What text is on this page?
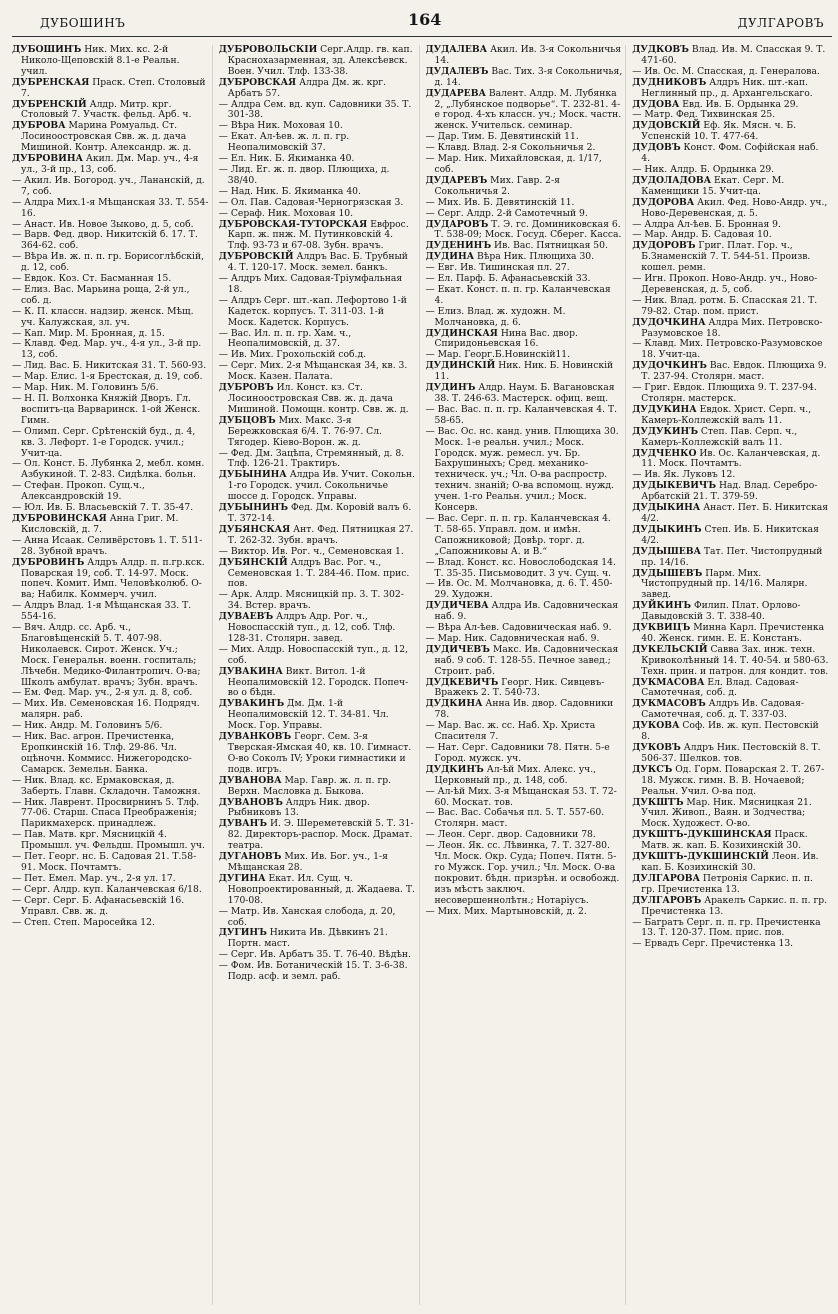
ДУБОШИНЪ	164	ДУЛГАРОВЪ

ДУБОШИНЪ Ник. Мих. кс. 2-й Николо-Щеповскій 8.1-е Реальн. учил.

ДУБРЕНСКАЯ Праск. Степ. Столовый 7.

ДУБРЕНСКІЙ Алдр. Митр. крг. Столовый 7. Участк. фельд. Арб. ч.

ДУБРОВА Марина Ромуальд. Ст. Лосиноостровская Свв. ж. д. дача Мишиной. Контр. Александр. ж. д.

ДУБРОВИНА Акил. Дм. Мар. уч., 4-я ул., 3-й пр., 13, соб.

— Акил. Ив. Богород. уч., Лананскій, д. 7, соб.

— Алдра Мих.1-я Мѣщанская 33. Т. 554-16.

— Анаст. Ив. Новое Зыково, д. 5, соб.

— Варв. Фед. двор. Никитскій б. 17. Т. 364-62. соб.

— Вѣра Ив. ж. п. п. гр. Борисоглѣбскій, д. 12, соб.

— Евдок. Коз. Ст. Басманная 15.

— Елиз. Вас. Марьина роща, 2-й ул., соб. д.

— К. П. классн. надзир. женск. Мѣщ. уч. Калужская, зл. уч.

— Кап. Мир. М. Бронная, д. 15.

— Клавд. Фед. Мар. уч., 4-я ул., 3-й пр. 13, соб.

— Лид. Вас. Б. Никитская 31. Т. 560-93.

— Мар. Елис. 1-я Брестская, д. 19, соб.

— Мар. Ник. М. Головинъ 5/6.

— Н. П. Волхонка Княжій Дворъ. Гл. воспитъ-ца Варваринск. 1-ой Женск. Гимн.

— Олимп. Серг. Срѣтенскій буд., д. 4, кв. 3. Лефорт. 1-е Городск. учил.; Учит-ца.

— Ол. Конст. Б. Лубянка 2, мебл. комн. Азбукиной. Т. 2-83. Сидѣлка. больн.

— Стефан. Прокоп. Сущ.ч., Александровскій 19.

— Юл. Ив. Б. Власьевскій 7. Т. 35-47.

ДУБРОВИНСКАЯ Анна Григ. М. Кисловскій, д. 7.

— Анна Исаак. Селивёрстовъ 1. Т. 511-28. Зубной врачъ.

ДУБРОВИНЪ Алдръ Алдр. п. п.гр.кск. Поварская 19, соб. Т. 14-97. Моск. попеч. Комит. Имп. Человѣколюб. О-ва; Набилк. Коммерч. учил.

— Алдръ Влад. 1-я Мѣщанская 33. Т. 554-16.

— Вяч. Алдр. сс. Арб. ч., Благовѣщенскій 5. Т. 407-98. Николаевск. Сирот. Женск. Уч.; Моск. Генеральн. военн. госпиталь; Лѣчебн. Медико-Филантропич. О-ва; Школъ амбулат. врачъ; Зубн. врачъ.

— Ем. Фед. Мар. уч., 2-я ул. д. 8, соб.

— Мих. Ив. Семеновская 16. Подрядч. малярн. раб.

— Ник. Андр. М. Головинъ 5/6.

— Ник. Вас. агрон. Пречистенка, Еропкинскій 16. Тлф. 29-86. Чл. оцѣночн. Коммисс. Нижегородско-Самарск. Земельн. Банка.

— Ник. Влад. кс. Ермаковская, д. Заберть. Главн. Складочн. Таможня.

— Ник. Лаврент. Просвирнинъ 5. Тлф. 77-06. Старш. Спаса Преображенія; Парикмахерск. принадлеж.

— Пав. Матв. крг. Мясницкій 4. Промышл. уч. Фельдш. Промышл. уч.

— Пет. Георг. нс. Б. Садовая 21. Т.58-91. Моск. Почтамтъ.

— Пет. Емел. Мар. уч., 2-я ул. 17.

— Серг. Алдр. куп. Каланчевская 6/18.

— Серг. Серг. Б. Афанасьевскій 16. Управл. Свв. ж. д.

— Степ. Степ. Маросейка 12.

ДУБРОВОЛЬСКІЙ Серг.Алдр. гв. кап. Краснохазарменная, зд. Алексѣевск. Воен. Учил. Тлф. 133-38.

ДУБРОВСКАЯ Алдра Дм. ж. крг. Арбатъ 57.

— Алдра Сем. вд. куп. Садовники 35. Т. 301-38.

— Вѣра Ник. Моховая 10.

— Екат. Ал-ѣев. ж. л. п. гр. Неопалимовскій 37.

— Ел. Ник. Б. Якиманка 40.

— Лид. Ег. ж. п. двор. Плющиха, д. 38/40.

— Над. Ник. Б. Якиманка 40.

— Ол. Пав. Садовая-Черногрязская 3.

— Сераф. Ник. Моховая 10.

ДУБРОВСКАЯ-ТУТОРСКАЯ Евфрос. Карп. ж. пнж. М. Путинковскій 4. Тлф. 93-73 и 67-08. Зубн. врачъ.

ДУБРОВСКІЙ Алдръ Вас. Б. Трубный 4. Т. 120-17. Моск. земел. банкъ.

— Алдръ Мих. Садовая-Тріумфальная 18.

— Алдръ Серг. шт.-кап. Лефортово 1-й Кадетск. корпусъ. Т. 311-03. 1-й Моск. Кадетск. Корпусъ.

— Вас. Ил. п. п. гр. Хам. ч., Неопалимовскій, д. 37.

— Ив. Мих. Грохольскій соб.д.

— Серг. Мих. 2-я Мѣщанская 34, кв. 3. Моск. Казен. Палата.

ДУБРОВЪ Ил. Конст. кз. Ст. Лосиноостровская Свв. ж. д. дача Мишиной. Помощн. контр. Свв. ж. д.

ДУБЦОВЪ Мих. Макс. 3-я Бережковская 6/4. Т. 76-97. Сл. Тягодер. Кіево-Ворон. ж. д.

— Фед. Дм. Зацѣпа, Стремянный, д. 8. Тлф. 126-21. Трактиръ.

ДУБЫНИНА Алдра Ив. Учит. Сокольн. 1-го Городск. учил. Сокольничье шоссе д. Городск. Управы.

ДУБЫНИНЪ Фед. Дм. Коровій валъ 6. Т. 372-14.

ДУБЯНСКАЯ Ант. Фед. Пятницкая 27. Т. 262-32. Зубн. врачъ.

— Виктор. Ив. Рог. ч., Семеновская 1.

ДУБЯНСКІЙ Алдръ Вас. Рог. ч., Семеновская 1. Т. 284-46. Пом. прис. пов.

— Арк. Алдр. Мясницкій пр. 3. Т. 302-34. Встер. врачъ.

ДУВАЕВЪ Алдръ Адр. Рог. ч., Новоспасскій туп., д. 12, соб. Тлф. 128-31. Столярн. завед.

— Мих. Алдр. Новоспасскій туп., д. 12, соб.

ДУВАКИНА Викт. Витол. 1-й Неопалимовскій 12. Городск. Попеч-во о бѣдн.

ДУВАКИНЪ Дм. Дм. 1-й Неопалимовскій 12. Т. 34-81. Чл. Моск. Гор. Управы.

ДУВАНКОВЪ Георг. Сем. 3-я Тверская-Ямская 40, кв. 10. Гимнаст. О-во Соколъ IV; Уроки гимнастики и подв. игръ.

ДУВАНОВА Мар. Гавр. ж. л. п. гр. Верхн. Масловка д. Быкова.

ДУВАНОВЪ Алдръ Ник. двор. Рыбниковъ 13.

ДУВАНЪ И. Э. Шереметевскій 5. Т. 31-82. Директоръ-распор. Моск. Драмат. театра.

ДУГАНОВЪ Мих. Ив. Бог. уч., 1-я Мѣщанская 28.

ДУГИНА Екат. Ил. Сущ. ч. Новопроектированный, д. Жадаева. Т. 170-08.

— Матр. Ив. Ханская слобода, д. 20, соб.

ДУГИНЪ Никита Ив. Дѣвкинъ 21. Портн. маст.

— Серг. Ив. Арбатъ 35. Т. 76-40. Вѣдѣн.

— Фом. Ив. Ботаническій 15. Т. 3-6-38. Подр. асф. и земл. раб.

ДУДАЛЕВА Акил. Ив. 3-я Сокольничья 14.

ДУДАЛЕВЪ Вас. Тих. 3-я Сокольничья, д. 14.

ДУДАРЕВА Валент. Алдр. М. Лубянка 2, „Лубянское подворье“. Т. 232-81. 4-е город. 4-хъ классн. уч.; Моск. частн. женск. Учительск. семинар.

— Дар. Тим. Б. Девятинскій 11.

— Клавд. Влад. 2-я Сокольничья 2.

— Мар. Ник. Михайловская, д. 1/17, соб.

ДУДАРЕВЪ Мих. Гавр. 2-я Сокольничья 2.

— Мих. Ив. Б. Девятинскій 11.

— Серг. Алдр. 2-й Самотечный 9.

ДУДАРОВЪ Т. Э. гс. Доминиковская 6. Т. 538-09; Моск. Госуд. Сберег. Касса.

ДУДЕНИНЪ Ив. Вас. Пятницкая 50.

ДУДИНА Вѣра Ник. Плющиха 30.

— Евг. Ив. Тишинская пл. 27.

— Ел. Парф. Б. Афанасьевскій 33.

— Екат. Конст. п. п. гр. Каланчевская 4.

— Елиз. Влад. ж. художн. М. Молчановка, д. 6.

ДУДИНСКАЯ Нина Вас. двор. Спиридоньевская 16.

— Мар. Георг.Б.Новинскій11.

ДУДИНСКІЙ Ник. Ник. Б. Новинскій 11.

ДУДИНЪ Алдр. Наум. Б. Вагановская 38. Т. 246-63. Мастерск. офиц. вещ.

— Вас. Вас. п. п. гр. Каланчевская 4. Т. 58-65.

— Вас. Ос. нс. канд. унив. Плющиха 30. Моск. 1-е реальн. учил.; Моск. Городск. муж. ремесл. уч. Бр. Бахрушиныхъ; Сред. механико-техническ. уч.; Чл. О-ва распростр. технич. знаній; О-ва вспомощ. нужд. учен. 1-го Реальн. учил.; Моск. Консерв.

— Вас. Серг. п. п. гр. Каланчевская 4. Т. 58-65. Управл. дом. и имѣн. Сапожниковой; Довѣр. торг. д. „Сапожниковы А. и В.“

— Влад. Конст. кс. Новослободская 14. Т. 35-35. Письмоводит. 3 уч. Сущ. ч.

— Ив. Ос. М. Молчановка, д. 6. Т. 450-29. Художн.

ДУДИЧЕВА Алдра Ив. Садовническая наб. 9.

— Вѣра Ал-ѣев. Садовническая наб. 9.

— Мар. Ник. Садовническая наб. 9.

ДУДИЧЕВЪ Макс. Ив. Садовническая наб. 9 соб. Т. 128-55. Печное завед.; Строит. раб.

ДУДКЕВИЧЪ Георг. Ник. Сивцевъ-Вражекъ 2. Т. 540-73.

ДУДКИНА Анна Ив. двор. Садовники 78.

— Мар. Вас. ж. сс. Наб. Хр. Христа Спасителя 7.

— Нат. Серг. Садовники 78. Пятн. 5-е Город. мужск. уч.

ДУДКИНЪ Ал-ѣй Мих. Алекс. уч., Церковный пр., д. 148, соб.

— Ал-ѣй Мих. 3-я Мѣщанская 53. Т. 72-60. Москат. тов.

— Вас. Вас. Собачья пл. 5. Т. 557-60. Столярн. маст.

— Леон. Серг. двор. Садовники 78.

— Леон. Як. сс. Лѣвинка, 7. Т. 327-80. Чл. Моск. Окр. Суда; Попеч. Пятн. 5-го Мужск. Гор. учил.; Чл. Моск. О-ва покровит. бѣдн. призрѣн. и освобожд. изъ мѣстъ заключ. несовершеннолѣтн.; Нотаріусъ.

— Мих. Мих. Мартыновскій, д. 2.

ДУДКОВЪ Влад. Ив. М. Спасская 9. Т. 471-60.

— Ив. Ос. М. Спасская, д. Генералова.

ДУДНИКОВЪ Алдръ Ник. шт.-кап. Неглинный пр., д. Архангельскаго.

ДУДОВА Евд. Ив. Б. Ордынка 29.

— Матр. Фед. Тихвинская 25.

ДУДОВСКІЙ Еф. Як. Мясн. ч. Б. Успенскій 10. Т. 477-64.

ДУДОВЪ Конст. Фом. Софійская наб. 4.

— Ник. Алдр. Б. Ордынка 29.

ДУДОЛАДОВА Екат. Серг. М. Каменщики 15. Учит-ца.

ДУДОРОВА Акил. Фед. Ново-Андр. уч., Ново-Деревенская, д. 5.

— Алдра Ал-ѣев. Б. Бронная 9.

— Мар. Андр. Б. Садовая 10.

ДУДОРОВЪ Григ. Плат. Гор. ч., Б.Знаменскій 7. Т. 544-51. Произв. кошел. ремн.

— Игн. Прокоп. Ново-Андр. уч., Ново-Деревенская, д. 5, соб.

— Ник. Влад. ротм. Б. Спасская 21. Т. 79-82. Стар. пом. прист.

ДУДОЧКИНА Алдра Мих. Петровско-Разумовское 18.

— Клавд. Мих. Петровско-Разумовское 18. Учит-ца.

ДУДОЧКИНЪ Вас. Евдок. Плющиха 9. Т. 237-94. Столярн. маст.

— Григ. Евдок. Плющиха 9. Т. 237-94. Столярн. мастерск.

ДУДУКИНА Евдок. Христ. Серп. ч., Камеръ-Коллежскій валъ 11.

ДУДУКИНЪ Степ. Пав. Серп. ч., Камеръ-Коллежскій валъ 11.

ДУДЧЕНКО Ив. Ос. Каланчевская, д. 11. Моск. Почтамтъ.

— Ив. Як. Луковъ 12.

ДУДЫКЕВИЧЪ Над. Влад. Серебро-Арбатскій 21. Т. 379-59.

ДУДЫКИНА Анаст. Пет. Б. Никитская 4/2.

ДУДЫКИНЪ Степ. Ив. Б. Никитская 4/2.

ДУДЫШЕВА Тат. Пет. Чистопрудный пр. 14/16.

ДУДЫШЕВЪ Парм. Мих. Чистопрудный пр. 14/16. Малярн. завед.

ДУЙКИНЪ Филип. Плат. Орлово-Давыдовскій 3. Т. 338-40.

ДУКВИЦЪ Минна Карл. Пречистенка 40. Женск. гимн. Е. Е. Констанъ.

ДУКЕЛЬСКІЙ Савва Зах. инж. техн. Кривоколѣнный 14. Т. 40-54. и 580-63. Техн. прин. и патрон. для кондит. тов.

ДУКМАСОВА Ел. Влад. Садовая-Самотечная, соб. д.

ДУКМАСОВЪ Алдръ Ив. Садовая-Самотечная, соб. д. Т. 337-03.

ДУКОВА Соф. Ив. ж. куп. Пестовскій 8.

ДУКОВЪ Алдръ Ник. Пестовскій 8. Т. 506-37. Шелков. тов.

ДУКСЪ Од. Горм. Поварская 2. Т. 267-18. Мужск. гимн. В. В. Ночаевой; Реальн. Учил. О-ва под.

ДУКШТЪ Мар. Ник. Мясницкая 21. Учил. Живоп., Ваян. и Зодчества; Моск. Художест. О-во.

ДУКШТЪ-ДУКШИНСКАЯ Праск. Матв. ж. кап. Б. Козихинскій 30.

ДУКШТЪ-ДУКШИНСКІЙ Леон. Ив. кап. Б. Козихинскій 30.

ДУЛГАРОВА Петронія Саркис. п. п. гр. Пречистенка 13.

ДУЛГАРОВЪ Аракелъ Саркис. п. п. гр. Пречистенка 13.

— Багратъ Серг. п. п. гр. Пречистенка 13. Т. 120-37. Пом. прис. пов.

— Ервадъ Серг. Пречистенка 13.
